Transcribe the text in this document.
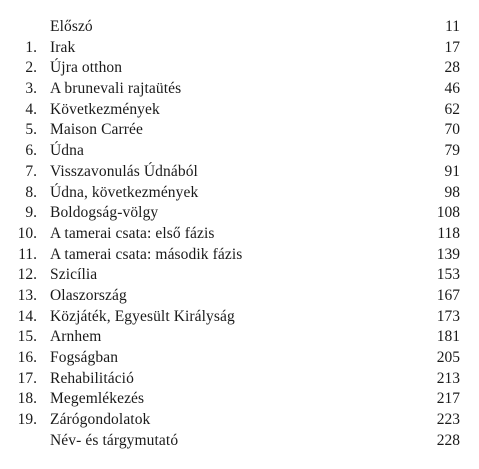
Előszó	11
1. Irak	17
2. Újra otthon	28
3. A brunevali rajtaütés	46
4. Következmények	62
5. Maison Carrée	70
6. Údna	79
7. Visszavonulás Údnából	91
8. Údna, következmények	98
9. Boldogság-völgy	108
10. A tamerai csata: első fázis	118
11. A tamerai csata: második fázis	139
12. Szicília	153
13. Olaszország	167
14. Közjáték, Egyesült Királyság	173
15. Arnhem	181
16. Fogságban	205
17. Rehabilitáció	213
18. Megemlékezés	217
19. Zárógondolatok	223
Név- és tárgymutató	228
